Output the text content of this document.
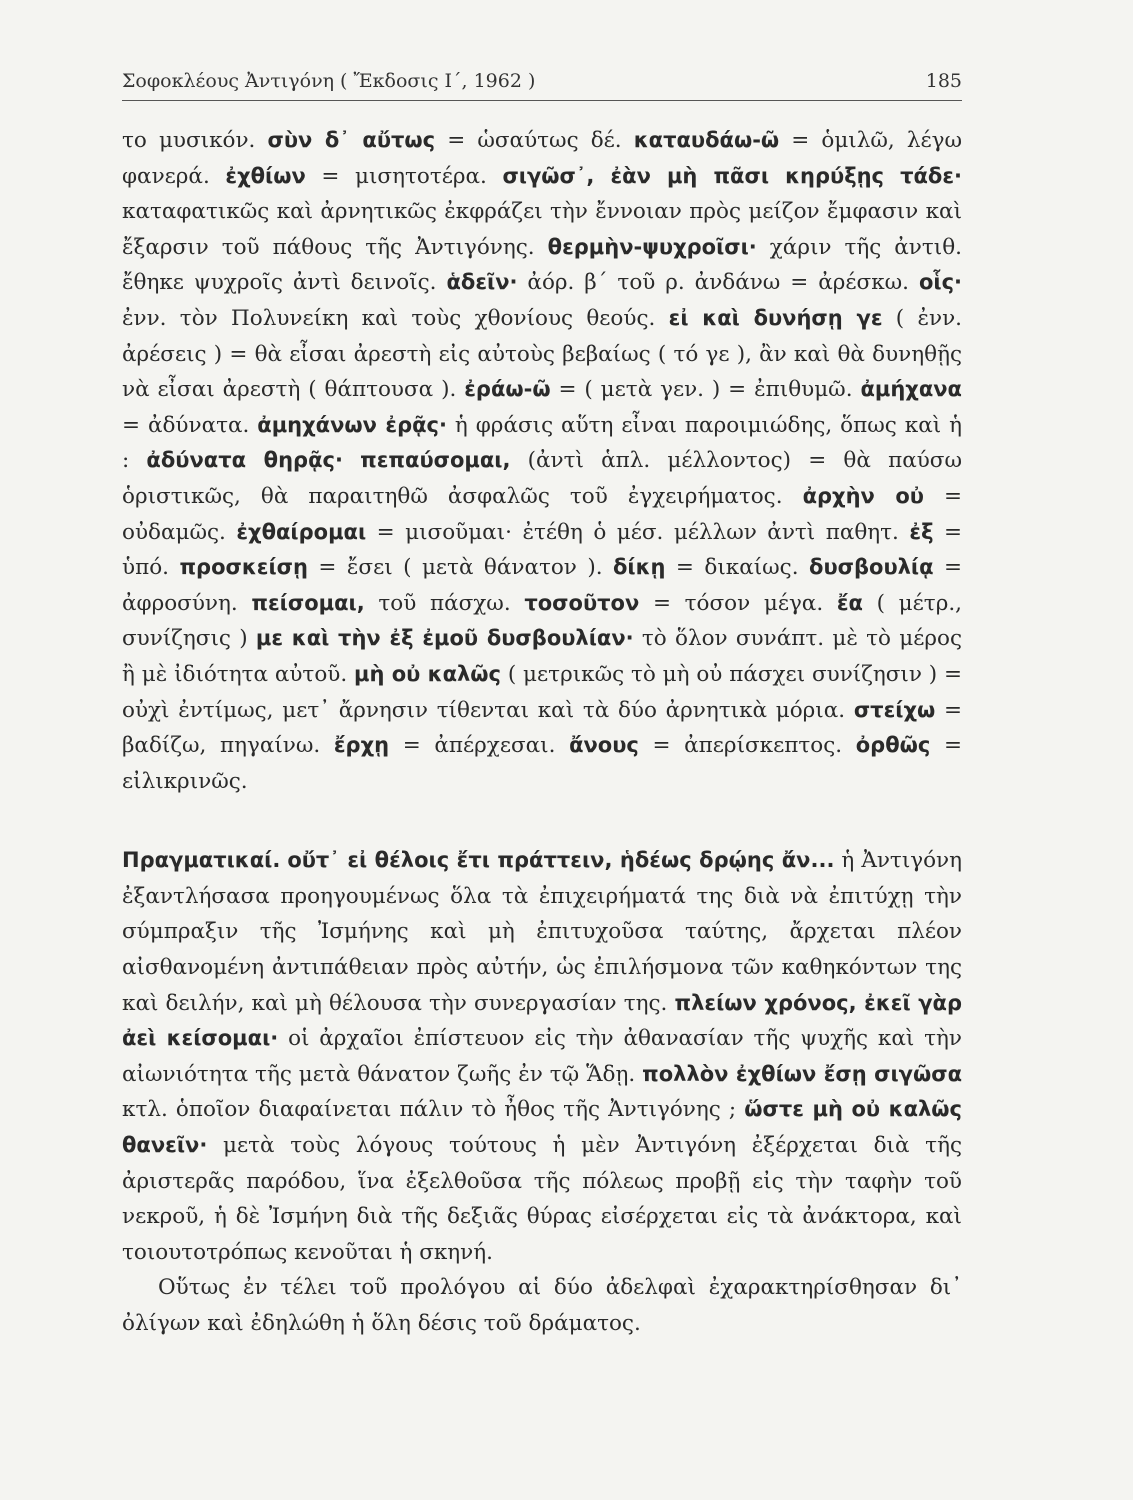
Σοφοκλέους Ἀντιγόνη ( Ἔκδοσις Ι΄, 1962 )	185

το μυσικόν. σὺν δ᾽ αὔτως = ὡσαύτως δέ. καταυδάω-ῶ = ὁμιλῶ, λέγω φανερά. ἐχθίων = μισητοτέρα. σιγῶσ᾽, ἐὰν μὴ πᾶσι κηρύξῃς τάδε· καταφατικῶς καὶ ἀρνητικῶς ἐκφράζει τὴν ἔννοιαν πρὸς μείζον ἔμφασιν καὶ ἔξαρσιν τοῦ πάθους τῆς Ἀντιγόνης. θερμὴν-ψυχροῖσι· χάριν τῆς ἀντιθ. ἔθηκε ψυχροῖς ἀντὶ δεινοῖς. ἁδεῖν· ἀόρ. β΄ τοῦ ρ. ἀνδάνω = ἀρέσκω. οἷς· ἐνν. τὸν Πολυνείκη καὶ τοὺς χθονίους θεούς. εἰ καὶ δυνήσῃ γε ( ἐνν. ἀρέσεις ) = θὰ εἶσαι ἀρεστὴ εἰς αὐτοὺς βεβαίως ( τό γε ), ἂν καὶ θὰ δυνηθῇς νὰ εἶσαι ἀρεστὴ ( θάπτουσα ). ἐράω-ῶ = ( μετὰ γεν. ) = ἐπιθυμῶ. ἀμήχανα = ἀδύνατα. ἀμηχάνων ἐρᾷς· ἡ φράσις αὕτη εἶναι παροιμιώδης, ὅπως καὶ ἡ : ἀδύνατα θηρᾷς· πεπαύσομαι, (ἀντὶ ἁπλ. μέλλοντος) = θὰ παύσω ὁριστικῶς, θὰ παραιτηθῶ ἀσφαλῶς τοῦ ἐγχειρήματος. ἀρχὴν οὐ = οὐδαμῶς. ἐχθαίρομαι = μισοῦμαι· ἐτέθη ὁ μέσ. μέλλων ἀντὶ παθητ. ἐξ = ὑπό. προσκείσῃ = ἔσει ( μετὰ θάνατον ). δίκῃ = δικαίως. δυσβουλίᾳ = ἀφροσύνη. πείσομαι, τοῦ πάσχω. τοσοῦτον = τόσον μέγα. ἔα ( μέτρ., συνίζησις ) με καὶ τὴν ἐξ ἐμοῦ δυσβουλίαν· τὸ ὅλον συνάπτ. μὲ τὸ μέρος ἢ μὲ ἰδιότητα αὐτοῦ. μὴ οὐ καλῶς ( μετρικῶς τὸ μὴ οὐ πάσχει συνίζησιν ) = οὐχὶ ἐντίμως, μετ᾽ ἄρνησιν τίθενται καὶ τὰ δύο ἀρνητικὰ μόρια. στείχω = βαδίζω, πηγαίνω. ἔρχῃ = ἀπέρχεσαι. ἄνους = ἀπερίσκεπτος. ὀρθῶς = εἰλικρινῶς.

Πραγματικαί. οὔτ᾽ εἰ θέλοις ἔτι πράττειν, ἡδέως δρῴης ἄν... ἡ Ἀντιγόνη ἐξαντλήσασα προηγουμένως ὅλα τὰ ἐπιχειρήματά της διὰ νὰ ἐπιτύχῃ τὴν σύμπραξιν τῆς Ἰσμήνης καὶ μὴ ἐπιτυχοῦσα ταύτης, ἄρχεται πλέον αἰσθανομένη ἀντιπάθειαν πρὸς αὐτήν, ὡς ἐπιλήσμονα τῶν καθηκόντων της καὶ δειλήν, καὶ μὴ θέλουσα τὴν συνεργασίαν της. πλείων χρόνος, ἐκεῖ γὰρ ἀεὶ κείσομαι· οἱ ἀρχαῖοι ἐπίστευον εἰς τὴν ἀθανασίαν τῆς ψυχῆς καὶ τὴν αἰωνιότητα τῆς μετὰ θάνατον ζωῆς ἐν τῷ Ἅδῃ. πολλὸν ἐχθίων ἔσῃ σιγῶσα κτλ. ὁποῖον διαφαίνεται πάλιν τὸ ἦθος τῆς Ἀντιγόνης ; ὥστε μὴ οὐ καλῶς θανεῖν· μετὰ τοὺς λόγους τούτους ἡ μὲν Ἀντιγόνη ἐξέρχεται διὰ τῆς ἀριστερᾶς παρόδου, ἵνα ἐξελθοῦσα τῆς πόλεως προβῇ εἰς τὴν ταφὴν τοῦ νεκροῦ, ἡ δὲ Ἰσμήνη διὰ τῆς δεξιᾶς θύρας εἰσέρχεται εἰς τὰ ἀνάκτορα, καὶ τοιουτοτρόπως κενοῦται ἡ σκηνή.

Οὕτως ἐν τέλει τοῦ προλόγου αἱ δύο ἀδελφαὶ ἐχαρακτηρίσθησαν δι᾽ ὀλίγων καὶ ἐδηλώθη ἡ ὅλη δέσις τοῦ δράματος.
